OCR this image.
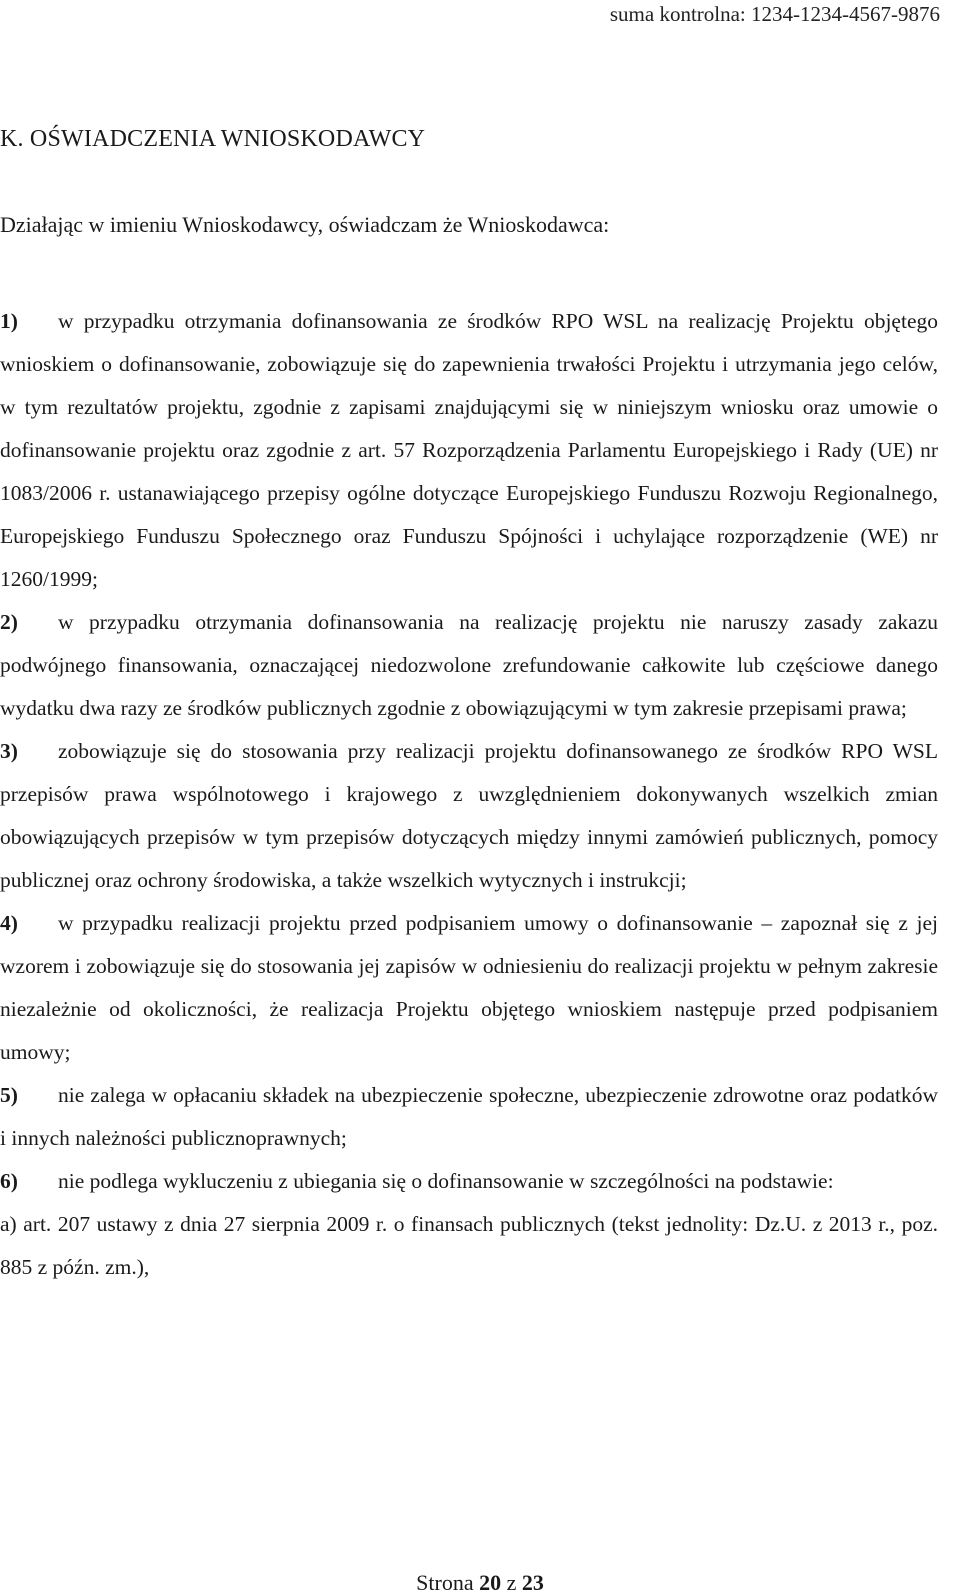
suma kontrolna: 1234-1234-4567-9876
K. OŚWIADCZENIA WNIOSKODAWCY
Działając w imieniu Wnioskodawcy, oświadczam że Wnioskodawca:

1) w przypadku otrzymania dofinansowania ze środków RPO WSL na realizację Projektu objętego wnioskiem o dofinansowanie, zobowiązuje się do zapewnienia trwałości Projektu i utrzymania jego celów, w tym rezultatów projektu, zgodnie z zapisami znajdującymi się w niniejszym wniosku oraz umowie o dofinansowanie projektu oraz zgodnie z art. 57 Rozporządzenia Parlamentu Europejskiego i Rady (UE) nr 1083/2006 r. ustanawiającego przepisy ogólne dotyczące Europejskiego Funduszu Rozwoju Regionalnego, Europejskiego Funduszu Społecznego oraz Funduszu Spójności i uchylające rozporządzenie (WE) nr 1260/1999;

2) w przypadku otrzymania dofinansowania na realizację projektu nie naruszy zasady zakazu podwójnego finansowania, oznaczającej niedozwolone zrefundowanie całkowite lub częściowe danego wydatku dwa razy ze środków publicznych zgodnie z obowiązującymi w tym zakresie przepisami prawa;

3) zobowiązuje się do stosowania przy realizacji projektu dofinansowanego ze środków RPO WSL przepisów prawa wspólnotowego i krajowego z uwzględnieniem dokonywanych wszelkich zmian obowiązujących przepisów w tym przepisów dotyczących między innymi zamówień publicznych, pomocy publicznej oraz ochrony środowiska, a także wszelkich wytycznych i instrukcji;

4) w przypadku realizacji projektu przed podpisaniem umowy o dofinansowanie – zapoznał się z jej wzorem i zobowiązuje się do stosowania jej zapisów w odniesieniu do realizacji projektu w pełnym zakresie niezależnie od okoliczności, że realizacja Projektu objętego wnioskiem następuje przed podpisaniem umowy;

5) nie zalega w opłacaniu składek na ubezpieczenie społeczne, ubezpieczenie zdrowotne oraz podatków i innych należności publicznoprawnych;

6) nie podlega wykluczeniu z ubiegania się o dofinansowanie w szczególności na podstawie:

a) art. 207 ustawy z dnia 27 sierpnia 2009 r. o finansach publicznych (tekst jednolity: Dz.U. z 2013 r., poz. 885 z późn. zm.),

Strona 20 z 23
